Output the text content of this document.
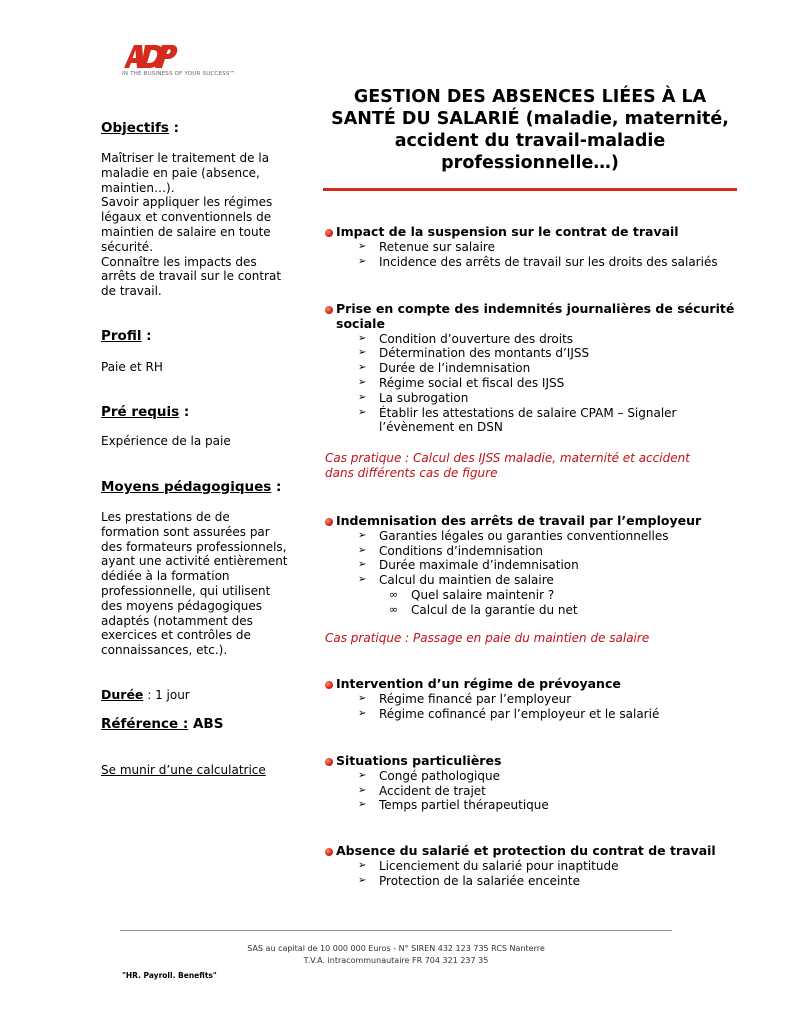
IN THE BUSINESS OF YOUR SUCCESS™
Objectifs :
Maîtriser le traitement de la
maladie en paie (absence,
maintien…).
Savoir appliquer les régimes
légaux et conventionnels de
maintien de salaire en toute
sécurité.
Connaître les impacts des
arrêts de travail sur le contrat
de travail.
Profil :
Paie et RH
Pré requis :
Expérience de la paie
Moyens pédagogiques :
Les prestations de de
formation sont assurées par
des formateurs professionnels,
ayant une activité entièrement
dédiée à la formation
professionnelle, qui utilisent
des moyens pédagogiques
adaptés (notamment des
exercices et contrôles de
connaissances, etc.).
Durée : 1 jour
Référence : ABS
Se munir d’une calculatrice
GESTION DES ABSENCES LIÉES À LA
SANTÉ DU SALARIÉ (maladie, maternité,
accident du travail-maladie
professionnelle…)
Impact de la suspension sur le contrat de travail
➢ Retenue sur salaire
➢ Incidence des arrêts de travail sur les droits des salariés
Prise en compte des indemnités journalières de sécurité
sociale
➢ Condition d’ouverture des droits
➢ Détermination des montants d’IJSS
➢ Durée de l’indemnisation
➢ Régime social et fiscal des IJSS
➢ La subrogation
➢ Établir les attestations de salaire CPAM – Signaler
l’évènement en DSN
Cas pratique : Calcul des IJSS maladie, maternité et accident
dans différents cas de figure
Indemnisation des arrêts de travail par l’employeur
➢ Garanties légales ou garanties conventionnelles
➢ Conditions d’indemnisation
➢ Durée maximale d’indemnisation
➢ Calcul du maintien de salaire
∞ Quel salaire maintenir ?
∞ Calcul de la garantie du net
Cas pratique : Passage en paie du maintien de salaire
Intervention d’un régime de prévoyance
➢ Régime financé par l’employeur
➢ Régime cofinancé par l’employeur et le salarié
Situations particulières
➢ Congé pathologique
➢ Accident de trajet
➢ Temps partiel thérapeutique
Absence du salarié et protection du contrat de travail
➢ Licenciement du salarié pour inaptitude
➢ Protection de la salariée enceinte
SAS au capital de 10 000 000 Euros - N° SIREN 432 123 735 RCS Nanterre
T.V.A. intracommunautaire FR 704 321 237 35
"HR. Payroll. Benefits"
